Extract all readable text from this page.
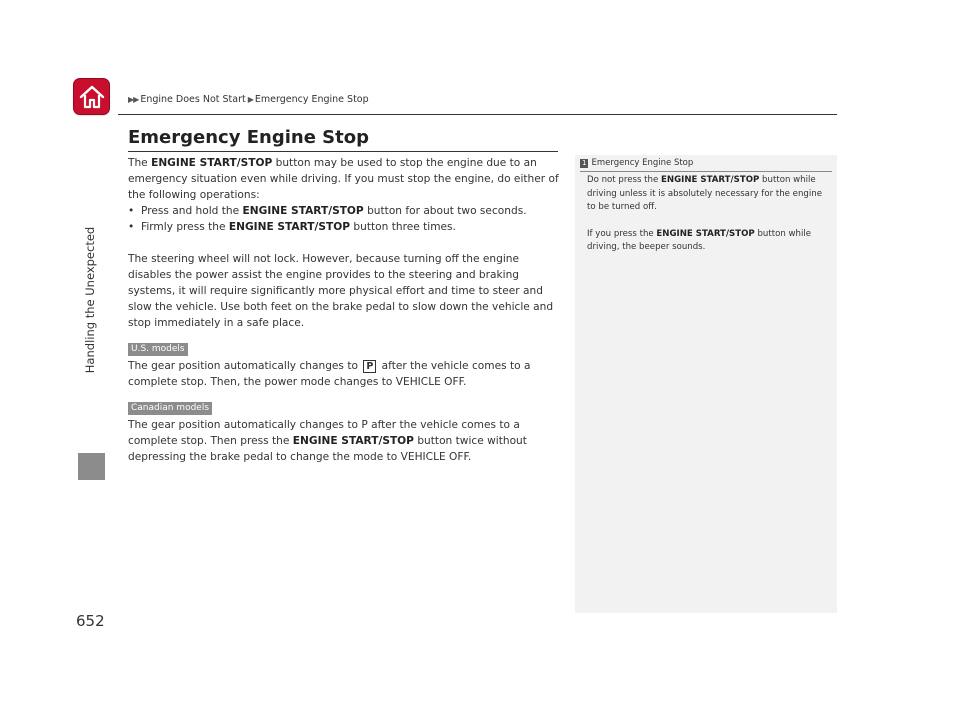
▶▶ Engine Does Not Start ▶ Emergency Engine Stop
Handling the Unexpected
652
Emergency Engine Stop

The ENGINE START/STOP button may be used to stop the engine due to an emergency situation even while driving. If you must stop the engine, do either of the following operations:

• Press and hold the ENGINE START/STOP button for about two seconds.
• Firmly press the ENGINE START/STOP button three times.

The steering wheel will not lock. However, because turning off the engine disables the power assist the engine provides to the steering and braking systems, it will require significantly more physical effort and time to steer and slow the vehicle. Use both feet on the brake pedal to slow down the vehicle and stop immediately in a safe place.

U.S. models

The gear position automatically changes to P after the vehicle comes to a complete stop. Then, the power mode changes to VEHICLE OFF.

Canadian models

The gear position automatically changes to P after the vehicle comes to a complete stop. Then press the ENGINE START/STOP button twice without depressing the brake pedal to change the mode to VEHICLE OFF.

1 Emergency Engine Stop

Do not press the ENGINE START/STOP button while driving unless it is absolutely necessary for the engine to be turned off.

If you press the ENGINE START/STOP button while driving, the beeper sounds.
